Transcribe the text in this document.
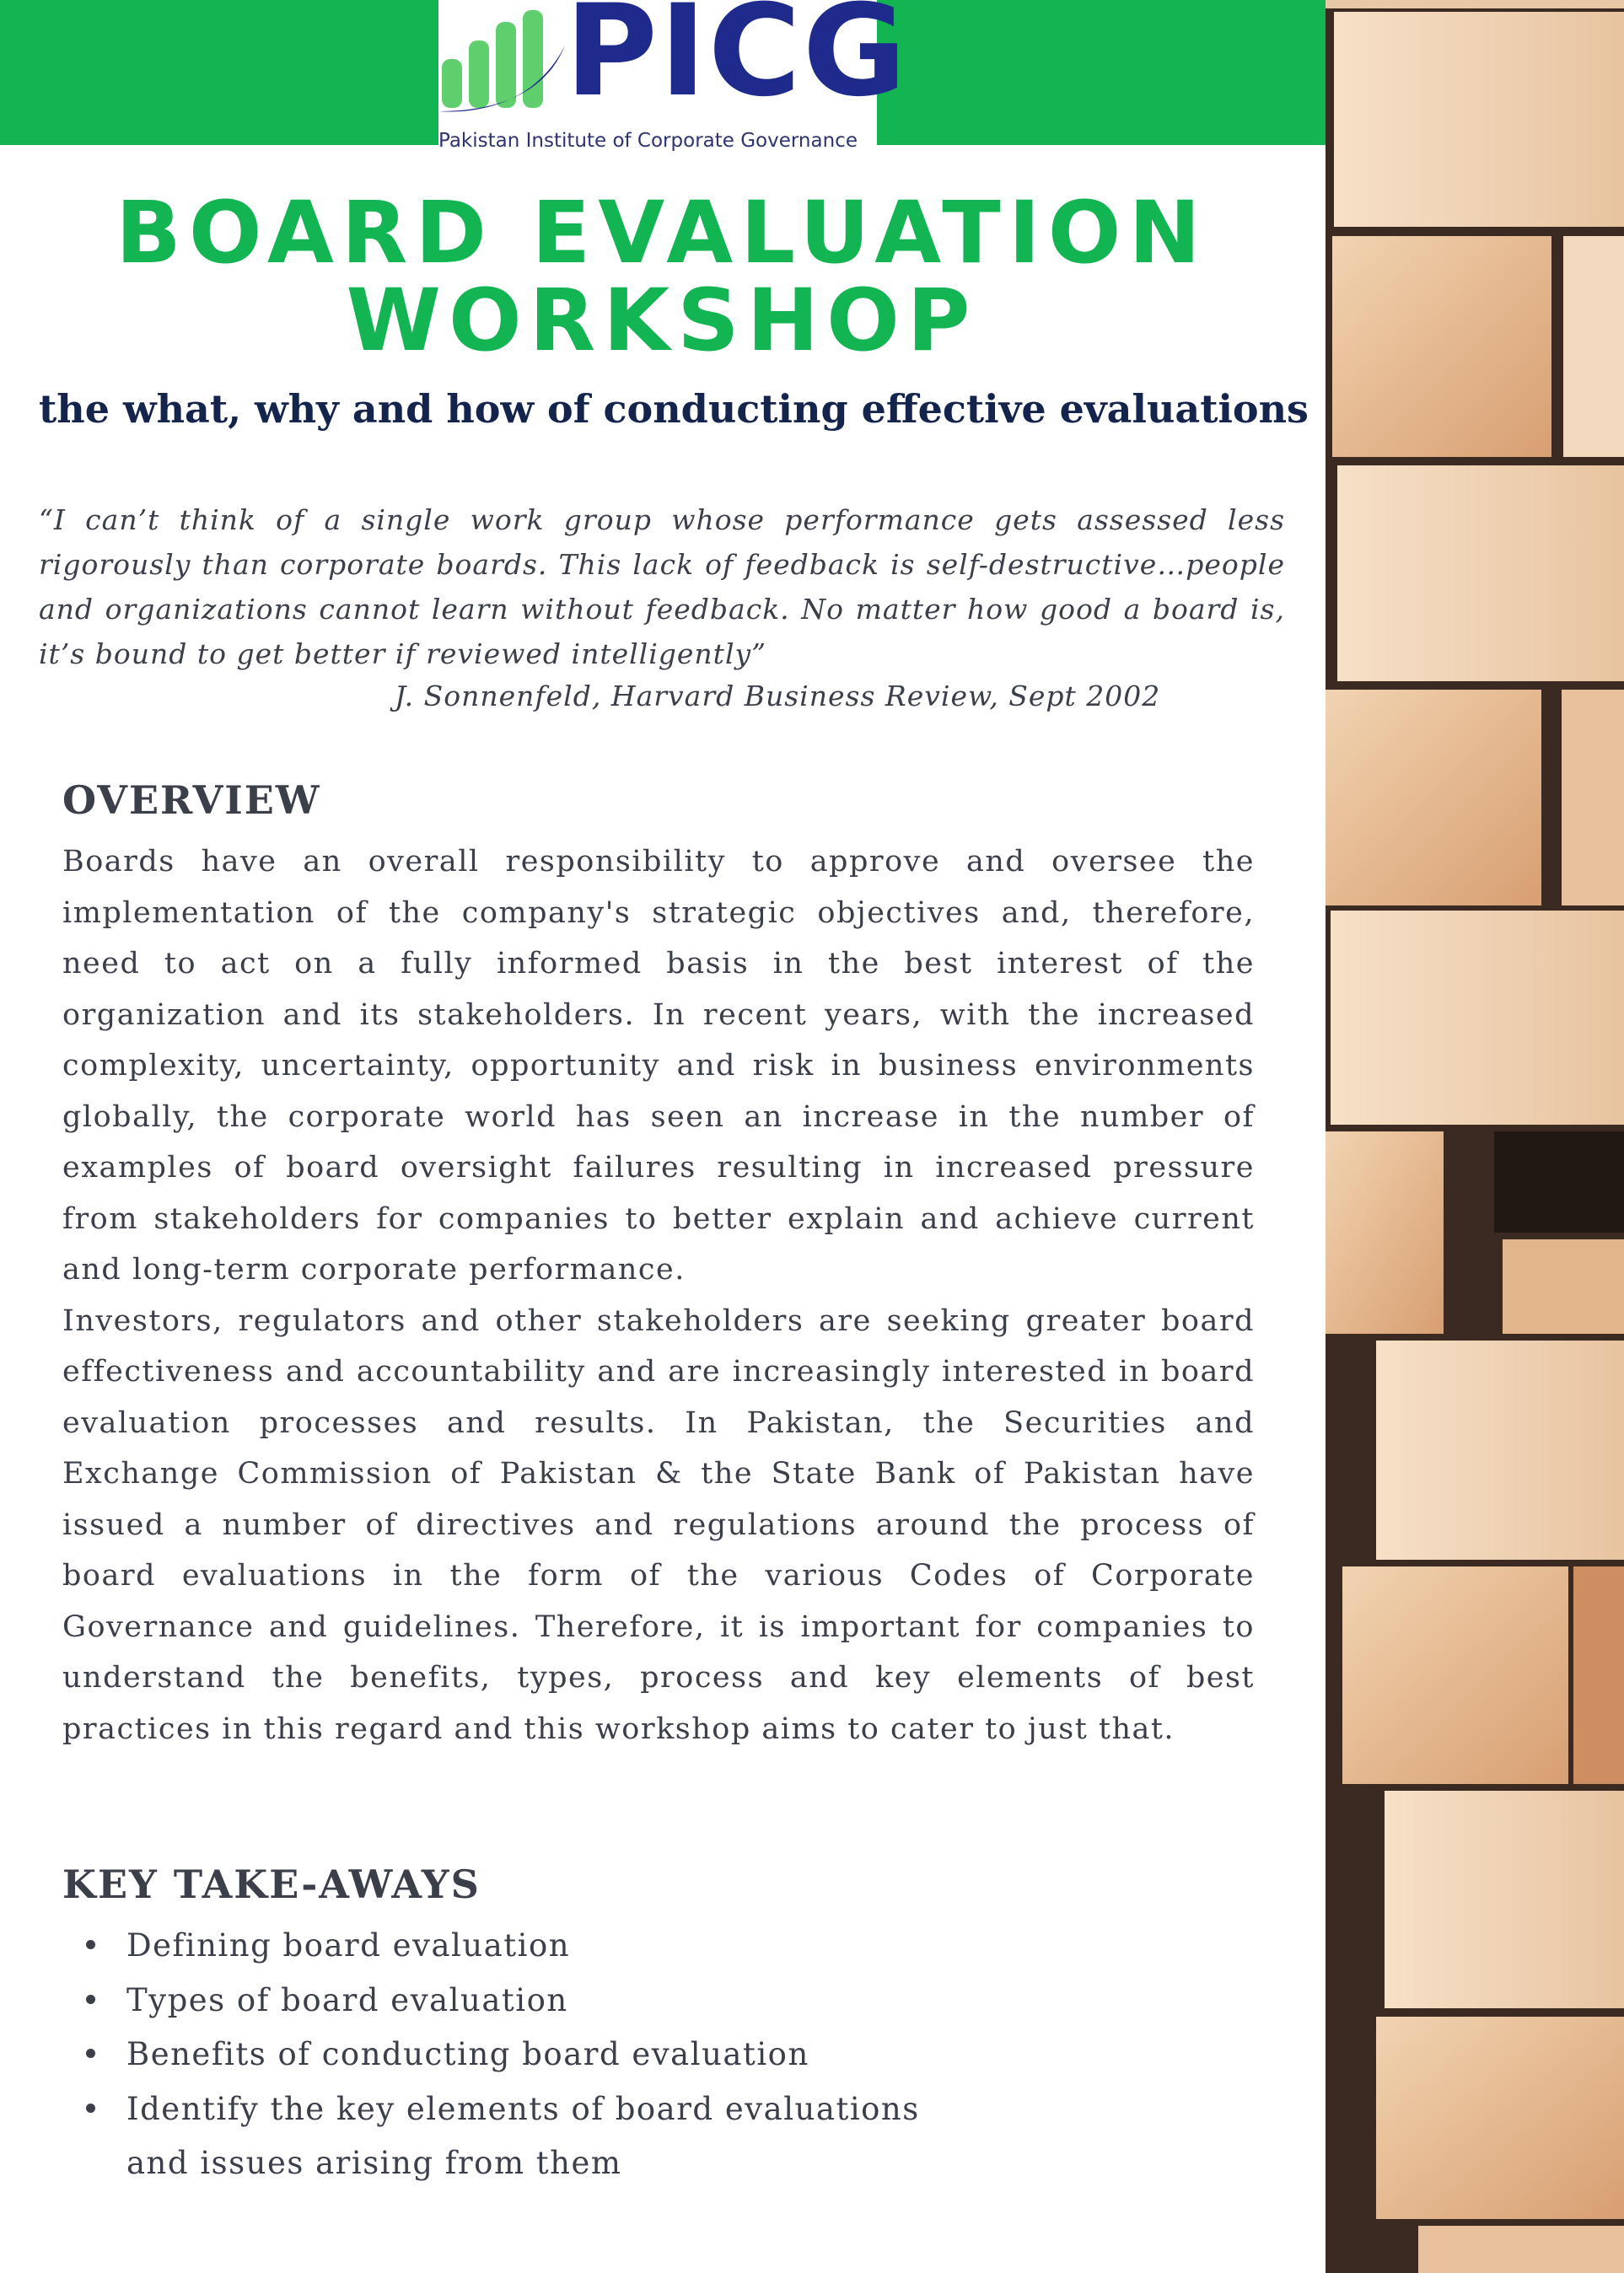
PICG
Pakistan Institute of Corporate Governance
BOARD EVALUATION
WORKSHOP
the what, why and how of conducting effective evaluations

“I can’t think of a single work group whose performance gets assessed less rigorously than corporate boards. This lack of feedback is self-destructive…people and organizations cannot learn without feedback. No matter how good a board is, it’s bound to get better if reviewed intelligently”

J. Sonnenfeld, Harvard Business Review, Sept 2002

OVERVIEW

Boards have an overall responsibility to approve and oversee the implementation of the company's strategic objectives and, therefore, need to act on a fully informed basis in the best interest of the organization and its stakeholders. In recent years, with the increased complexity, uncertainty, opportunity and risk in business environments globally, the corporate world has seen an increase in the number of examples of board oversight failures resulting in increased pressure from stakeholders for companies to better explain and achieve current and long-term corporate performance.

Investors, regulators and other stakeholders are seeking greater board effectiveness and accountability and are increasingly interested in board evaluation processes and results. In Pakistan, the Securities and Exchange Commission of Pakistan & the State Bank of Pakistan have issued a number of directives and regulations around the process of board evaluations in the form of the various Codes of Corporate Governance and guidelines. Therefore, it is important for companies to understand the benefits, types, process and key elements of best practices in this regard and this workshop aims to cater to just that.

KEY TAKE-AWAYS
Defining board evaluation
Types of board evaluation
Benefits of conducting board evaluation
Identify the key elements of board evaluations and issues arising from them
